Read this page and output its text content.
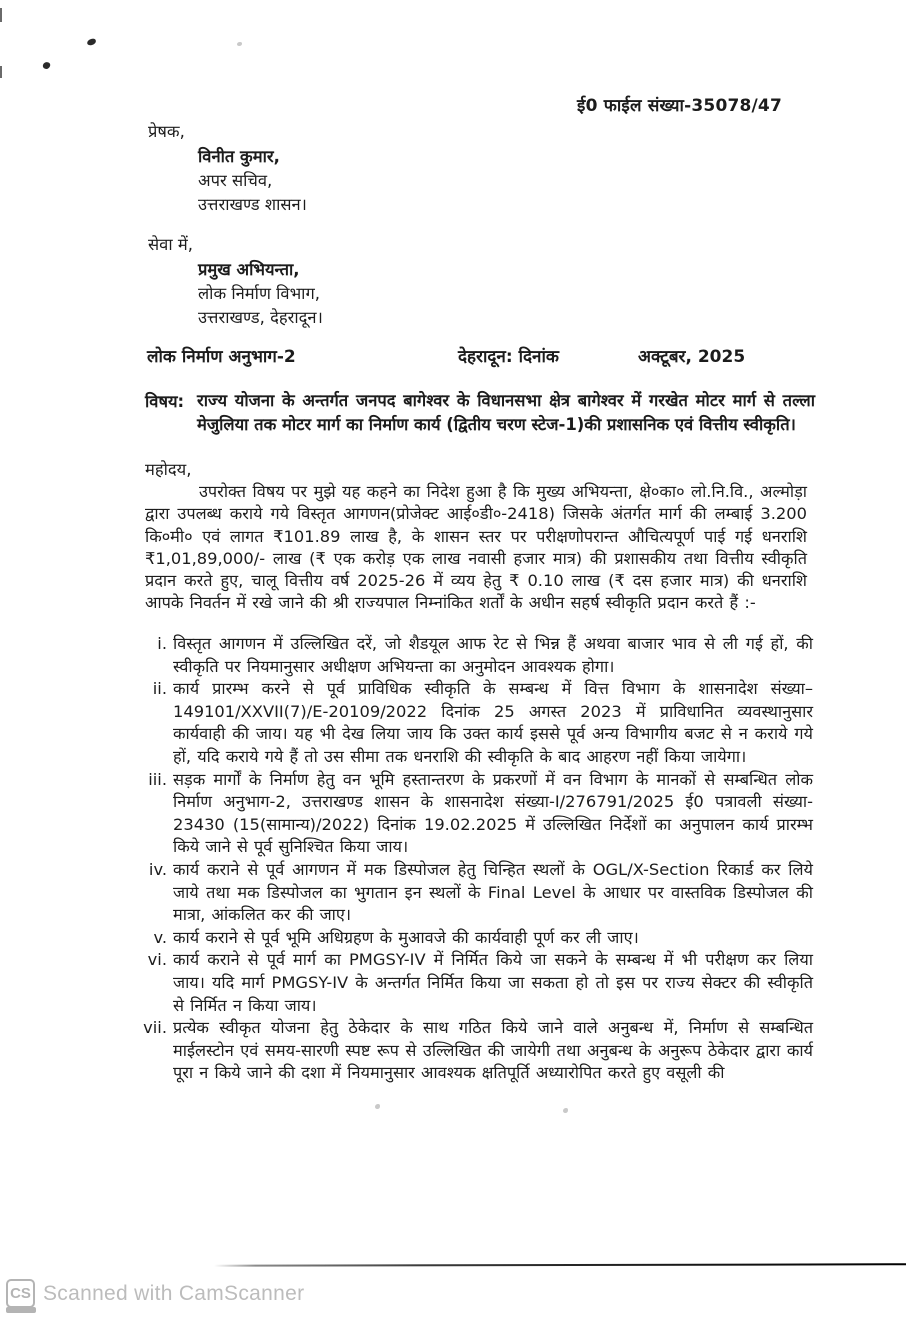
ई0 फाईल संख्या-35078/47
प्रेषक,
विनीत कुमार,
अपर सचिव,
उत्तराखण्ड शासन।
सेवा में,
प्रमुख अभियन्ता,
लोक निर्माण विभाग,
उत्तराखण्ड, देहरादून।
लोक निर्माण अनुभाग-2	देहरादून: दिनांक	अक्टूबर, 2025
विषय: राज्य योजना के अन्तर्गत जनपद बागेश्वर के विधानसभा क्षेत्र बागेश्वर में गरखेत मोटर मार्ग से तल्ला मेजुलिया तक मोटर मार्ग का निर्माण कार्य (द्वितीय चरण स्टेज-1)की प्रशासनिक एवं वित्तीय स्वीकृति।
महोदय,
उपरोक्त विषय पर मुझे यह कहने का निदेश हुआ है कि मुख्य अभियन्ता, क्षे०का० लो.नि.वि., अल्मोड़ा द्वारा उपलब्ध कराये गये विस्तृत आगणन(प्रोजेक्ट आई०डी०-2418) जिसके अंतर्गत मार्ग की लम्बाई 3.200 कि०मी० एवं लागत ₹101.89 लाख है, के शासन स्तर पर परीक्षणोपरान्त औचित्यपूर्ण पाई गई धनराशि ₹1,01,89,000/- लाख (₹ एक करोड़ एक लाख नवासी हजार मात्र) की प्रशासकीय तथा वित्तीय स्वीकृति प्रदान करते हुए, चालू वित्तीय वर्ष 2025-26 में व्यय हेतु ₹ 0.10 लाख (₹ दस हजार मात्र) की धनराशि आपके निवर्तन में रखे जाने की श्री राज्यपाल निम्नांकित शर्तों के अधीन सहर्ष स्वीकृति प्रदान करते हैं :-
i. विस्तृत आगणन में उल्लिखित दरें, जो शैडयूल आफ रेट से भिन्न हैं अथवा बाजार भाव से ली गई हों, की स्वीकृति पर नियमानुसार अधीक्षण अभियन्ता का अनुमोदन आवश्यक होगा।
ii. कार्य प्रारम्भ करने से पूर्व प्राविधिक स्वीकृति के सम्बन्ध में वित्त विभाग के शासनादेश संख्या– 149101/XXVII(7)/E-20109/2022 दिनांक 25 अगस्त 2023 में प्राविधानित व्यवस्थानुसार कार्यवाही की जाय। यह भी देख लिया जाय कि उक्त कार्य इससे पूर्व अन्य विभागीय बजट से न कराये गये हों, यदि कराये गये हैं तो उस सीमा तक धनराशि की स्वीकृति के बाद आहरण नहीं किया जायेगा।
iii. सड़क मार्गों के निर्माण हेतु वन भूमि हस्तान्तरण के प्रकरणों में वन विभाग के मानकों से सम्बन्धित लोक निर्माण अनुभाग-2, उत्तराखण्ड शासन के शासनादेश संख्या-I/276791/2025 ई0 पत्रावली संख्या- 23430 (15(सामान्य)/2022) दिनांक 19.02.2025 में उल्लिखित निर्देशों का अनुपालन कार्य प्रारम्भ किये जाने से पूर्व सुनिश्चित किया जाय।
iv. कार्य कराने से पूर्व आगणन में मक डिस्पोजल हेतु चिन्हित स्थलों के OGL/X-Section रिकार्ड कर लिये जाये तथा मक डिस्पोजल का भुगतान इन स्थलों के Final Level के आधार पर वास्तविक डिस्पोजल की मात्रा, आंकलित कर की जाए।
v. कार्य कराने से पूर्व भूमि अधिग्रहण के मुआवजे की कार्यवाही पूर्ण कर ली जाए।
vi. कार्य कराने से पूर्व मार्ग का PMGSY-IV में निर्मित किये जा सकने के सम्बन्ध में भी परीक्षण कर लिया जाय। यदि मार्ग PMGSY-IV के अन्तर्गत निर्मित किया जा सकता हो तो इस पर राज्य सेक्टर की स्वीकृति से निर्मित न किया जाय।
vii. प्रत्येक स्वीकृत योजना हेतु ठेकेदार के साथ गठित किये जाने वाले अनुबन्ध में, निर्माण से सम्बन्धित माईलस्टोन एवं समय-सारणी स्पष्ट रूप से उल्लिखित की जायेगी तथा अनुबन्ध के अनुरूप ठेकेदार द्वारा कार्य पूरा न किये जाने की दशा में नियमानुसार आवश्यक क्षतिपूर्ति अध्यारोपित करते हुए वसूली की
CS Scanned with CamScanner
